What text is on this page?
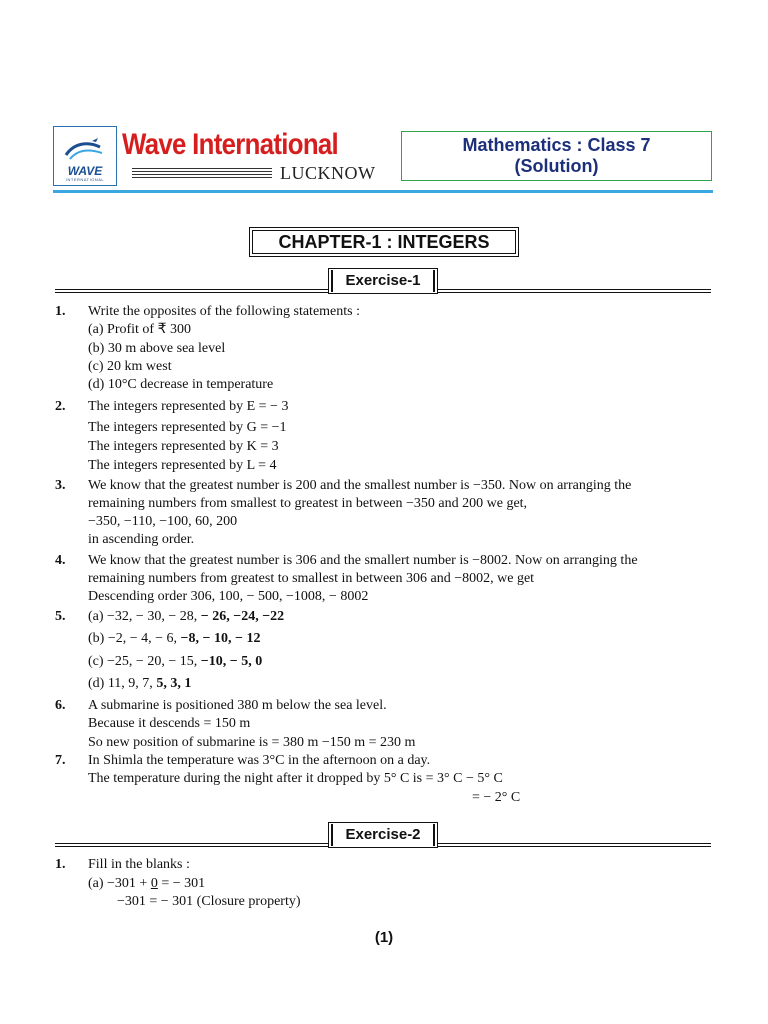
WAVE
INTERNATIONAL
Wave International
LUCKNOW
Mathematics : Class 7
(Solution)
CHAPTER-1 : INTEGERS
Exercise-1
1. Write the opposites of the following statements :
(a) Profit of ₹ 300
(b) 30 m above sea level
(c) 20 km west
(d) 10°C decrease in temperature
2. The integers represented by E = − 3
The integers represented by G = −1
The integers represented by K = 3
The integers represented by L = 4
3. We know that the greatest number is 200 and the smallest number is −350. Now on arranging the
remaining numbers from smallest to greatest in between −350 and 200 we get,
−350, −110, −100, 60, 200
in ascending order.
4. We know that the greatest number is 306 and the smallert number is −8002. Now on arranging the
remaining numbers from greatest to smallest in between 306 and −8002, we get
Descending order 306, 100, − 500, −1008, − 8002
5. (a) −32, − 30, − 28, − 26, −24, −22
(b) −2, − 4, − 6, −8, − 10, − 12
(c) −25, − 20, − 15, −10, − 5, 0
(d) 11, 9, 7, 5, 3, 1
6. A submarine is positioned 380 m below the sea level.
Because it descends = 150 m
So new position of submarine is = 380 m −150 m = 230 m
7. In Shimla the temperature was 3°C in the afternoon on a day.
The temperature during the night after it dropped by 5° C is = 3° C − 5° C
= − 2° C
Exercise-2
1. Fill in the blanks :
(a) −301 + 0 = − 301
−301 = − 301 (Closure property)
(1)
